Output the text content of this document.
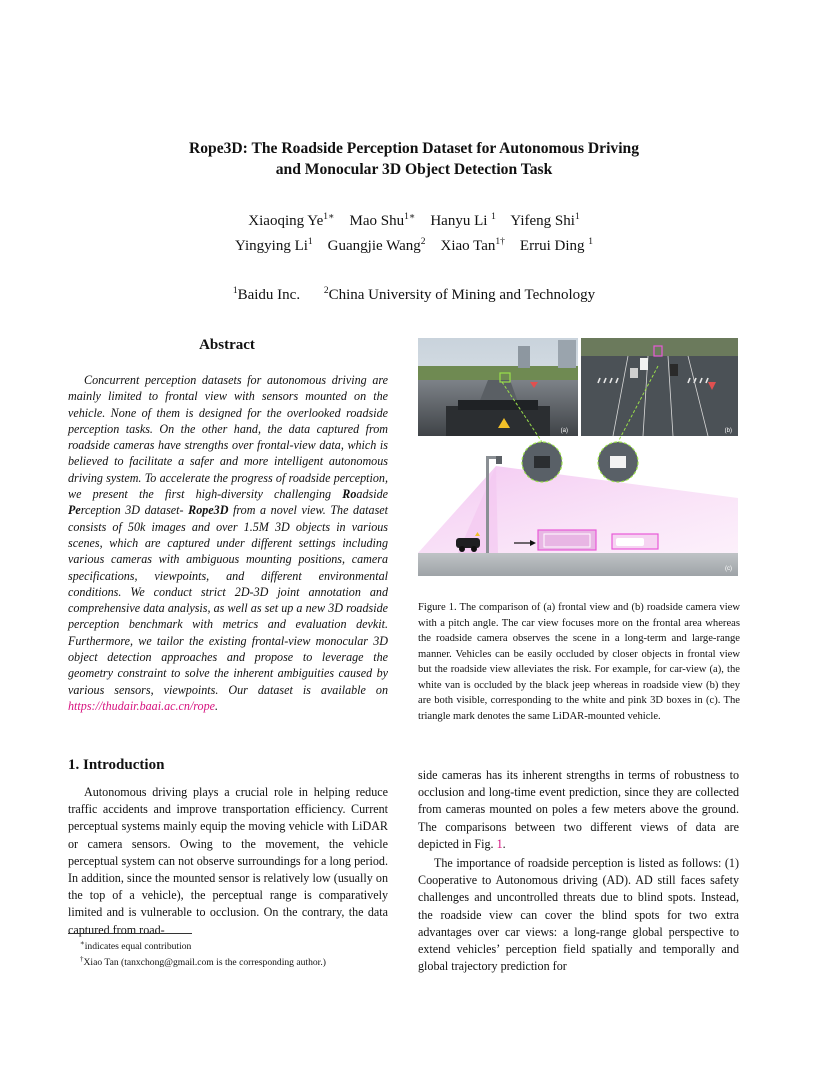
Rope3D: The Roadside Perception Dataset for Autonomous Driving
and Monocular 3D Object Detection Task
Xiaoqing $Ye^{1∗}$ Mao Shu$^{1∗}$ Hanyu Li $^1$ Yifeng Shi$^1$
Yingying Li$^1$ Guangjie Wang$^2$ Xiao Tan$^{1\dagger}$ Errui Ding $^1$
$^1$Baidu Inc.	$^2$China University of Mining and Technology
Abstract
Concurrent perception datasets for autonomous driving are mainly limited to frontal view with sensors mounted on the vehicle. None of them is designed for the overlooked roadside perception tasks. On the other hand, the data captured from roadside cameras have strengths over frontal-view data, which is believed to facilitate a safer and more intelligent autonomous driving system. To accelerate the progress of roadside perception, we present the first high-diversity challenging Roadside Perception 3D dataset- Rope3D from a novel view. The dataset consists of 50k images and over 1.5M 3D objects in various scenes, which are captured under different settings including various cameras with ambiguous mounting positions, camera specifications, viewpoints, and different environmental conditions. We conduct strict 2D-3D joint annotation and comprehensive data analysis, as well as set up a new 3D roadside perception benchmark with metrics and evaluation devkit. Furthermore, we tailor the existing frontal-view monocular 3D object detection approaches and propose to leverage the geometry constraint to solve the inherent ambiguities caused by various sensors, viewpoints. Our dataset is available on https://thudair.baai.ac.cn/rope.
(a)	(b)
(c)
Figure 1. The comparison of (a) frontal view and (b) roadside camera view with a pitch angle. The car view focuses more on the frontal area whereas the roadside camera observes the scene in a long-term and large-range manner. Vehicles can be easily occluded by closer objects in frontal view but the roadside view alleviates the risk. For example, for car-view (a), the white van is occluded by the black jeep whereas in roadside view (b) they are both visible, corresponding to the white and pink 3D boxes in (c). The triangle mark denotes the same LiDAR-mounted vehicle.
1. Introduction
Autonomous driving plays a crucial role in helping reduce traffic accidents and improve transportation efficiency. Current perceptual systems mainly equip the moving vehicle with LiDAR or camera sensors. Owing to the movement, the vehicle perceptual system can not observe surroundings for a long period. In addition, since the mounted sensor is relatively low (usually on the top of a vehicle), the perceptual range is comparatively limited and is vulnerable to occlusion. On the contrary, the data captured from road-

side cameras has its inherent strengths in terms of robustness to occlusion and long-time event prediction, since they are collected from cameras mounted on poles a few meters above the ground. The comparisons between two different views of data are depicted in Fig. 1.

The importance of roadside perception is listed as follows: (1) Cooperative to Autonomous driving (AD). AD still faces safety challenges and uncontrolled threats due to blind spots. Instead, the roadside view can cover the blind spots for two extra advantages over car views: a long-range global perspective to extend vehicles’ perception field spatially and temporally and global trajectory prediction for

∗indicates equal contribution
†Xiao Tan (tanxchong@gmail.com is the corresponding author.)
